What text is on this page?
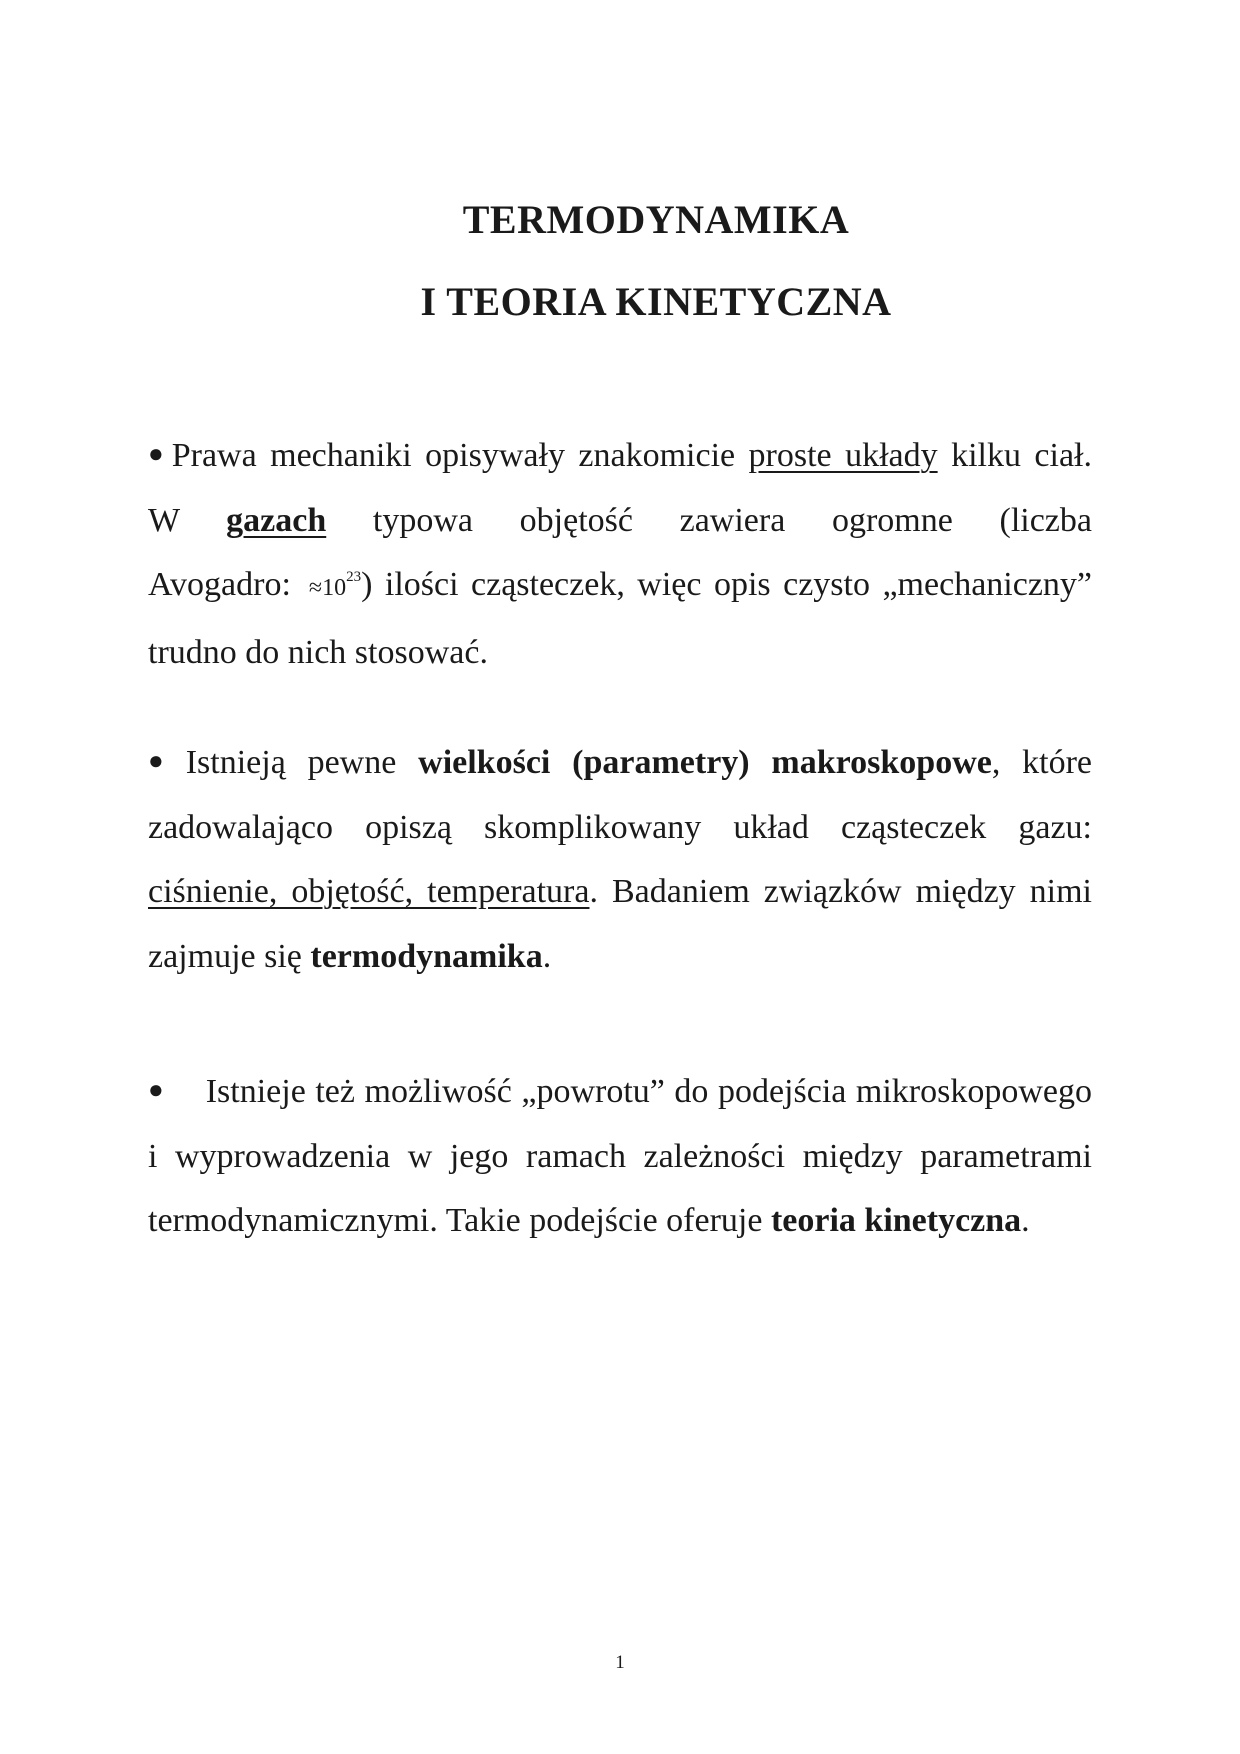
TERMODYNAMIKA
I TEORIA KINETYCZNA
● Prawa mechaniki opisywały znakomicie proste układy kilku ciał. W gazach typowa objętość zawiera ogromne (liczba Avogadro: $\approx 10^{23}$) ilości cząsteczek, więc opis czysto „mechaniczny” trudno do nich stosować.
● Istnieją pewne wielkości (parametry) makroskopowe, które zadowalająco opiszą skomplikowany układ cząsteczek gazu: ciśnienie, objętość, temperatura. Badaniem związków między nimi zajmuje się termodynamika.
● Istnieje też możliwość „powrotu” do podejścia mikroskopowego i wyprowadzenia w jego ramach zależności między parametrami termodynamicznymi. Takie podejście oferuje teoria kinetyczna.
1
